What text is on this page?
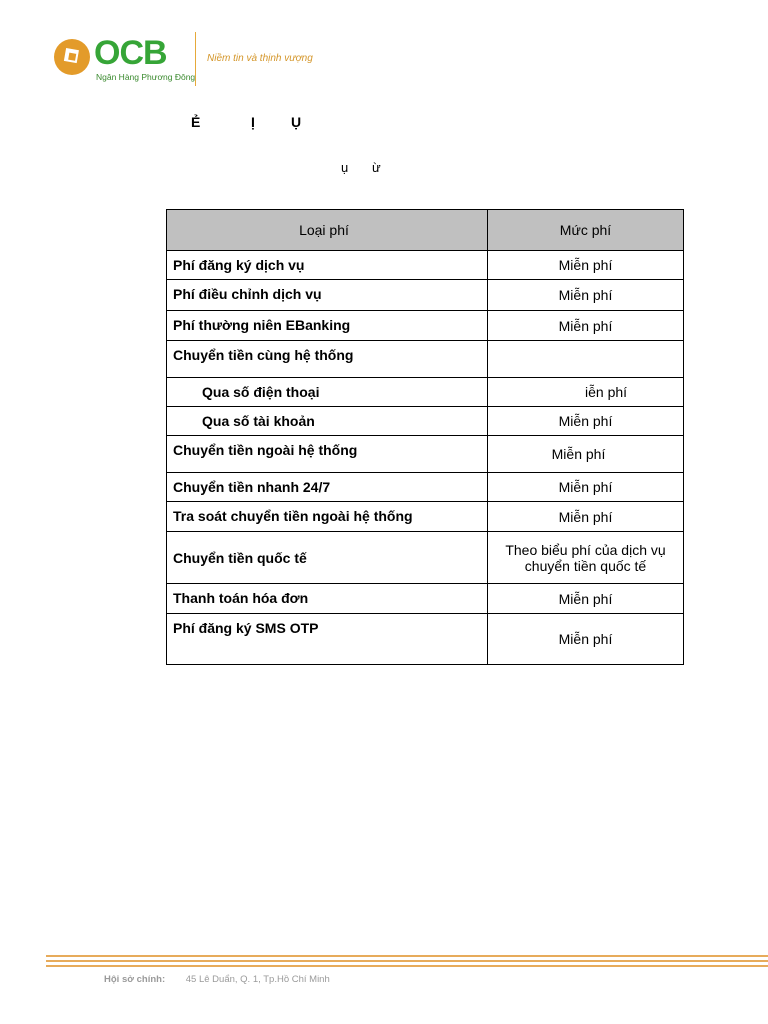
OCB
Ngân Hàng Phương Đông
Niềm tin và thịnh vượng
Ẻ	Ị	Ụ
ụ ừ
Loại phí	Mức phí
Phí đăng ký dịch vụ	Miễn phí
Phí điều chỉnh dịch vụ	Miễn phí
Phí thường niên EBanking	Miễn phí
Chuyển tiền cùng hệ thống	
Qua số điện thoại	iễn phí
Qua số tài khoản	Miễn phí
Chuyển tiền ngoài hệ thống	Miễn phí
Chuyển tiền nhanh 24/7	Miễn phí
Tra soát chuyển tiền ngoài hệ thống	Miễn phí
Chuyển tiền quốc tế	Theo biểu phí của dịch vụ chuyển tiền quốc tế
Thanh toán hóa đơn	Miễn phí
Phí đăng ký SMS OTP	Miễn phí
Hội sở chính: 45 Lê Duẩn, Q. 1, Tp.Hồ Chí Minh
